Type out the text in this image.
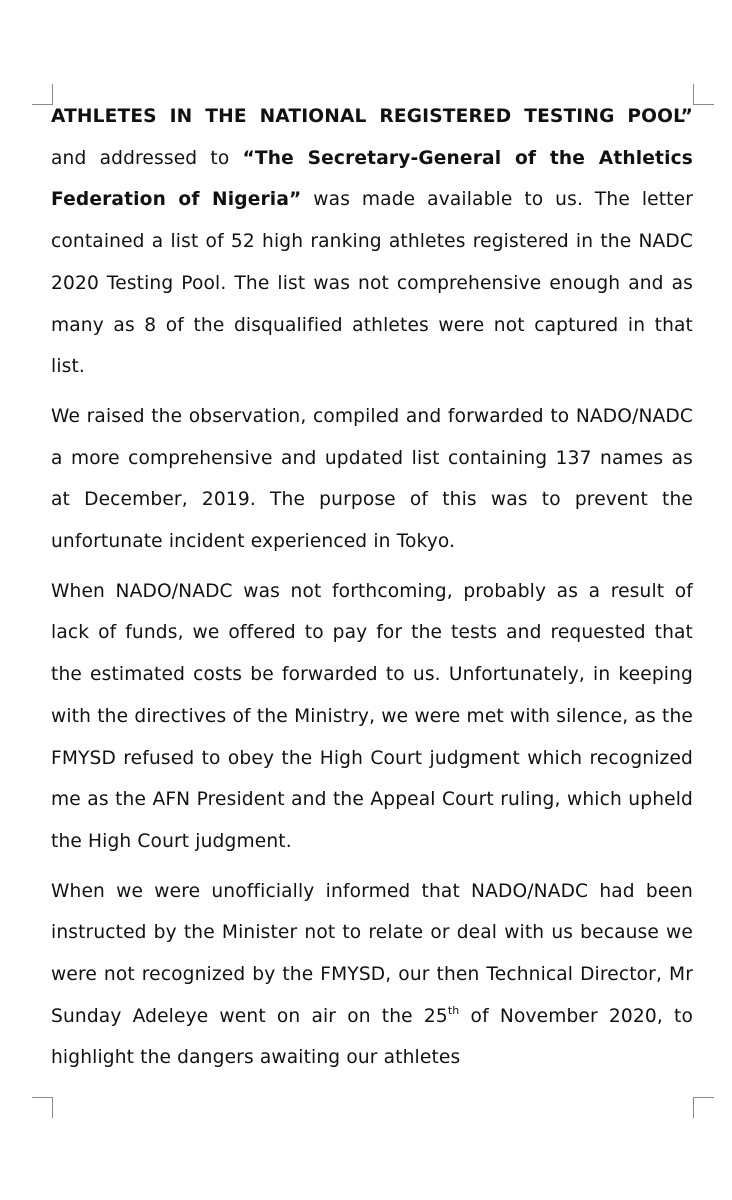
ATHLETES IN THE NATIONAL REGISTERED TESTING POOL” and addressed to “The Secretary-General of the Athletics Federation of Nigeria” was made available to us. The letter contained a list of 52 high ranking athletes registered in the NADC 2020 Testing Pool. The list was not comprehensive enough and as many as 8 of the disqualified athletes were not captured in that list.

We raised the observation, compiled and forwarded to NADO/NADC a more comprehensive and updated list containing 137 names as at December, 2019. The purpose of this was to prevent the unfortunate incident experienced in Tokyo.

When NADO/NADC was not forthcoming, probably as a result of lack of funds, we offered to pay for the tests and requested that the estimated costs be forwarded to us. Unfortunately, in keeping with the directives of the Ministry, we were met with silence, as the FMYSD refused to obey the High Court judgment which recognized me as the AFN President and the Appeal Court ruling, which upheld the High Court judgment.

When we were unofficially informed that NADO/NADC had been instructed by the Minister not to relate or deal with us because we were not recognized by the FMYSD, our then Technical Director, Mr Sunday Adeleye went on air on the 25th of November 2020, to highlight the dangers awaiting our athletes
